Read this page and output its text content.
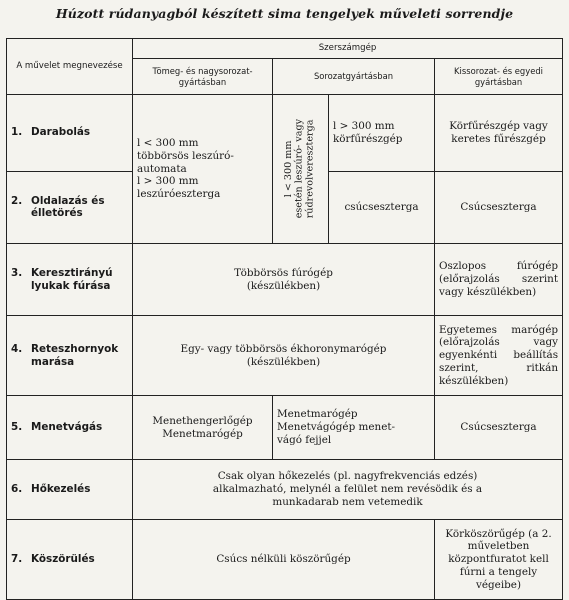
Húzott rúdanyagból készített sima tengelyek műveleti sorrendje
A művelet megnevezése	Szerszámgép			
	Tömeg- és nagysorozat-
gyártásban	Sorozatgyártásban		Kissorozat- és egyedi
gyártásban
1. Darabolás	l < 300 mm
többörsös leszúró-
automata
l > 300 mm
leszúróeszterga	l < 300 mm
esetén leszúró- vagy
rúdrevolvereszterga	l > 300 mm
körfűrészgép	Körfűrészgép vagy keretes fűrészgép
2. Oldalazás és
élletörés			csúcseszterga	Csúcseszterga
3. Keresztirányú
lyukak fúrása	Többörsös fúrógép
(készülékben)			Oszlopos fúrógép (előrajzolás szerint vagy készülékben)
4. Reteszhornyok
marása	Egy- vagy többörsös ékhoronymarógép
(készülékben)			Egyetemes marógép (előrajzolás vagy egyenkénti beállítás szerint, ritkán készülékben)
5. Menetvágás	Menethengerlőgép
Menetmarógép	Menetmarógép
Menetvágógép menet-
vágó fejjel		Csúcseszterga
6. Hőkezelés	Csak olyan hőkezelés (pl. nagyfrekvenciás edzés)
alkalmazható, melynél a felület nem revésödik és a
munkadarab nem vetemedik			
7. Köszörülés	Csúcs nélküli köszörűgép			Körköszörűgép (a 2. műveletben központfuratot kell fúrni a tengely végeibe)
